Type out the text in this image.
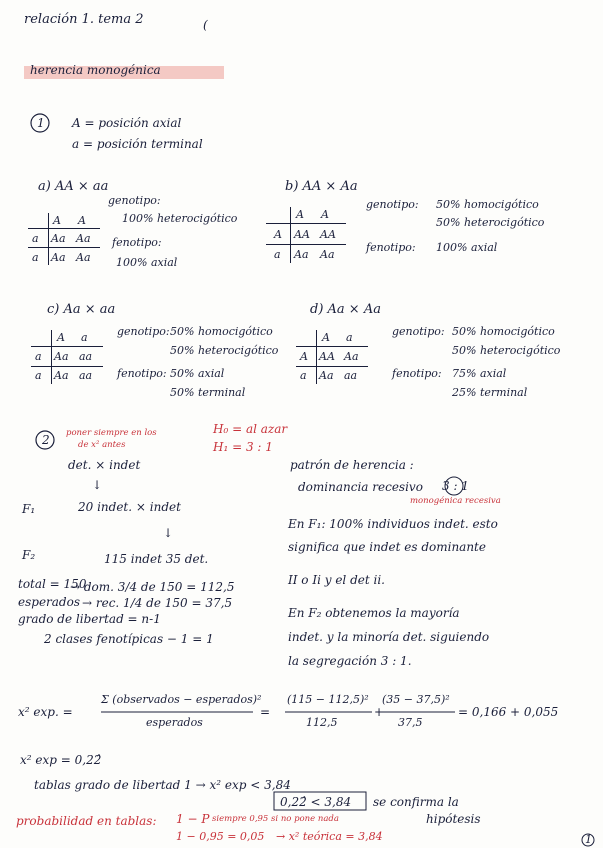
relación 1. tema 2	(
herencia monogénica
1 A = posición axial
a = posición terminal
a) AA × aa
genotipo:
100% heterocigótico
fenotipo:
100% axial
A A
a Aa Aa
a Aa Aa
b) AA × Aa
A A
A AA AA
a Aa Aa
genotipo: 50% homocigótico
50% heterocigótico
fenotipo: 100% axial
c) Aa × aa
A a
a Aa aa
a Aa aa
genotipo: 50% homocigótico
50% heterocigótico
fenotipo: 50% axial
50% terminal
d) Aa × Aa
A a
A AA Aa
a Aa aa
genotipo: 50% homocigótico
50% heterocigótico
fenotipo: 75% axial
25% terminal
2 poner siempre en los
de x² antes
H₀ = al azar
H₁ = 3 : 1
det. × indet
↓
F₁	20 indet. × indet
↓
F₂	115 indet 35 det.
total = 150
→ dom. 3/4 de 150 = 112,5
esperados → rec. 1/4 de 150 = 37,5
grado de libertad = n-1
2 clases fenotípicas − 1 = 1
patrón de herencia :
dominancia recesivo 3 : 1
monogénica recesiva
En F₁: 100% individuos indet. esto
significa que indet es dominante
II o Ii y el det ii.
En F₂ obtenemos la mayoría
indet. y la minoría det. siguiendo
la segregación 3 : 1.
x² exp. =
Σ (observados − esperados)²
esperados
=
(115 − 112,5)²
112,5
+
(35 − 37,5)²
37,5
= 0,166 + 0,055
x² exp = 0,22̂
tablas grado de libertad 1 → x² exp < 3,84
0,22̂ < 3,84 se confirma la
hipótesis
probabilidad en tablas: 1 − P siempre 0,95 si no pone nada
1 − 0,95 = 0,05 → x² teórica = 3,84	1
